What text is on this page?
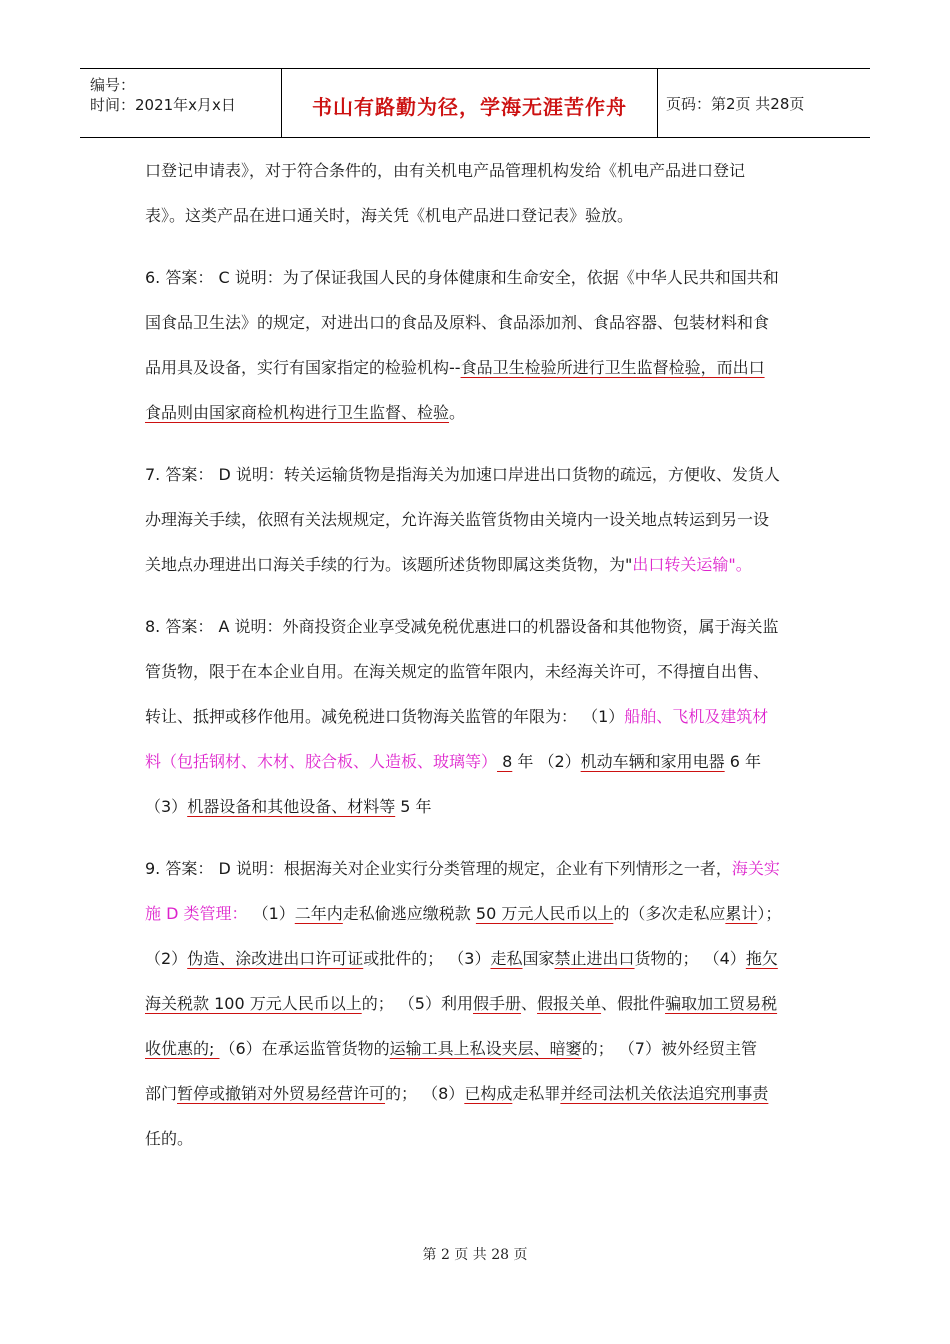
编号：
时间：2021年x月x日	书山有路勤为径，学海无涯苦作舟	页码：第2页 共28页
口登记申请表》，对于符合条件的，由有关机电产品管理机构发给《机电产品进口登记
表》。这类产品在进口通关时，海关凭《机电产品进口登记表》验放。
6. 答案： C 说明：为了保证我国人民的身体健康和生命安全，依据《中华人民共和国共和
国食品卫生法》的规定，对进出口的食品及原料、食品添加剂、食品容器、包装材料和食
品用具及设备，实行有国家指定的检验机构--食品卫生检验所进行卫生监督检验，而出口
食品则由国家商检机构进行卫生监督、检验。
7. 答案： D 说明：转关运输货物是指海关为加速口岸进出口货物的疏远，方便收、发货人
办理海关手续，依照有关法规规定，允许海关监管货物由关境内一设关地点转运到另一设
关地点办理进出口海关手续的行为。该题所述货物即属这类货物，为"出口转关运输"。
8. 答案： A 说明：外商投资企业享受减免税优惠进口的机器设备和其他物资，属于海关监
管货物，限于在本企业自用。在海关规定的监管年限内，未经海关许可，不得擅自出售、
转让、抵押或移作他用。减免税进口货物海关监管的年限为： （1）船舶、飞机及建筑材
料（包括钢材、木材、胶合板、人造板、玻璃等） 8 年 （2）机动车辆和家用电器 6 年
（3）机器设备和其他设备、材料等 5 年
9. 答案： D 说明：根据海关对企业实行分类管理的规定，企业有下列情形之一者，海关实
施 D 类管理： （1）二年内走私偷逃应缴税款 50 万元人民币以上的（多次走私应累计）；
（2）伪造、涂改进出口许可证或批件的； （3）走私国家禁止进出口货物的； （4）拖欠
海关税款 100 万元人民币以上的； （5）利用假手册、假报关单、假批件骗取加工贸易税
收优惠的; （6）在承运监管货物的运输工具上私设夹层、暗窭的； （7）被外经贸主管
部门暂停或撤销对外贸易经营许可的； （8）已构成走私罪并经司法机关依法追究刑事责
任的。
第 2 页 共 28 页
